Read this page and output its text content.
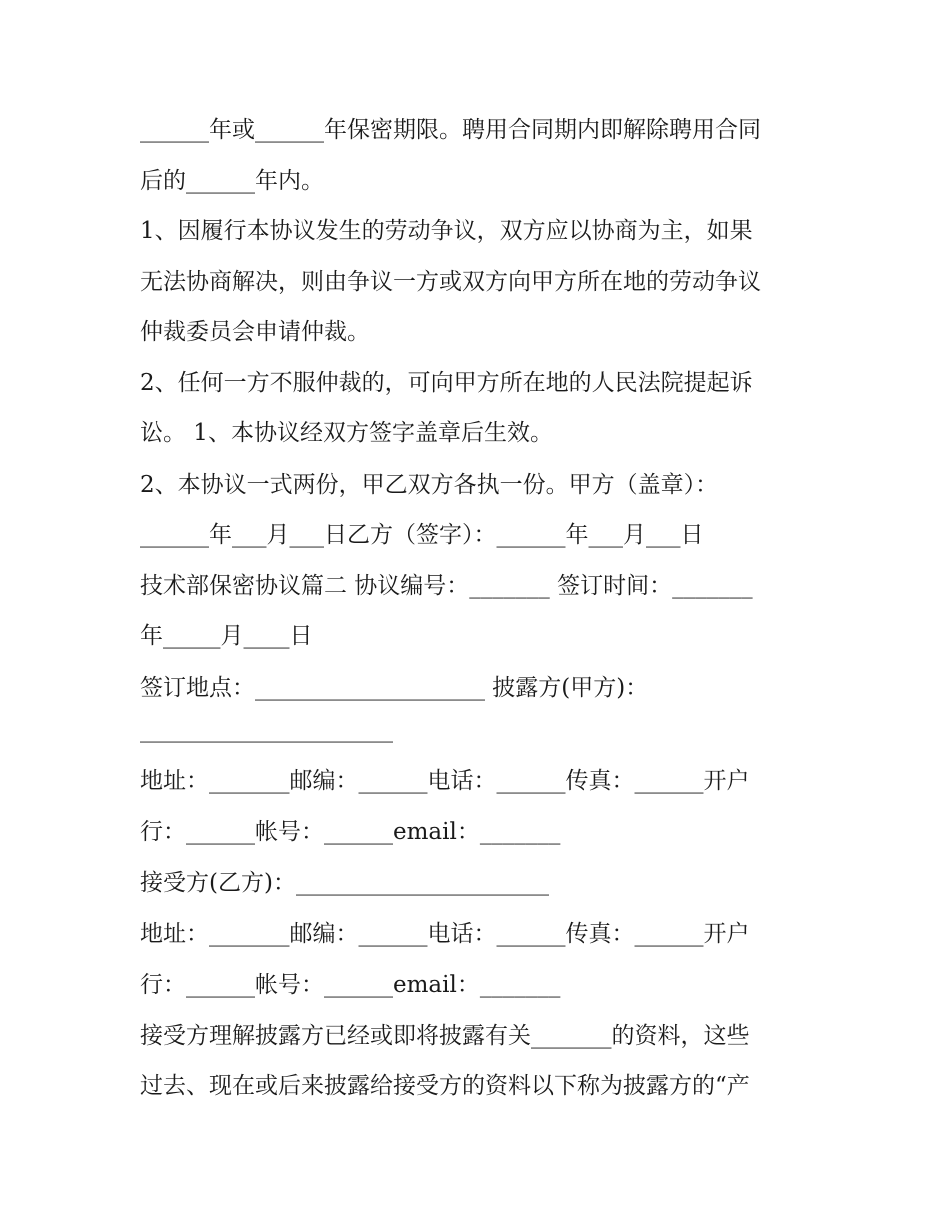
______年或______年保密期限。聘用合同期内即解除聘用合同

后的______年内。

1、因履行本协议发生的劳动争议，双方应以协商为主，如果

无法协商解决，则由争议一方或双方向甲方所在地的劳动争议

仲裁委员会申请仲裁。

2、任何一方不服仲裁的，可向甲方所在地的人民法院提起诉

讼。 1、本协议经双方签字盖章后生效。

2、本协议一式两份，甲乙双方各执一份。甲方（盖章）：

______年___月___日乙方（签字）：______年___月___日

技术部保密协议篇二 协议编号：_______ 签订时间：_______

年_____月____日

签订地点：____________________ 披露方(甲方)：

______________________

地址：_______邮编：______电话：______传真：______开户

行：______帐号：______email：_______

接受方(乙方)：______________________

地址：_______邮编：______电话：______传真：______开户

行：______帐号：______email：_______

接受方理解披露方已经或即将披露有关_______的资料，这些

过去、现在或后来披露给接受方的资料以下称为披露方的“产
